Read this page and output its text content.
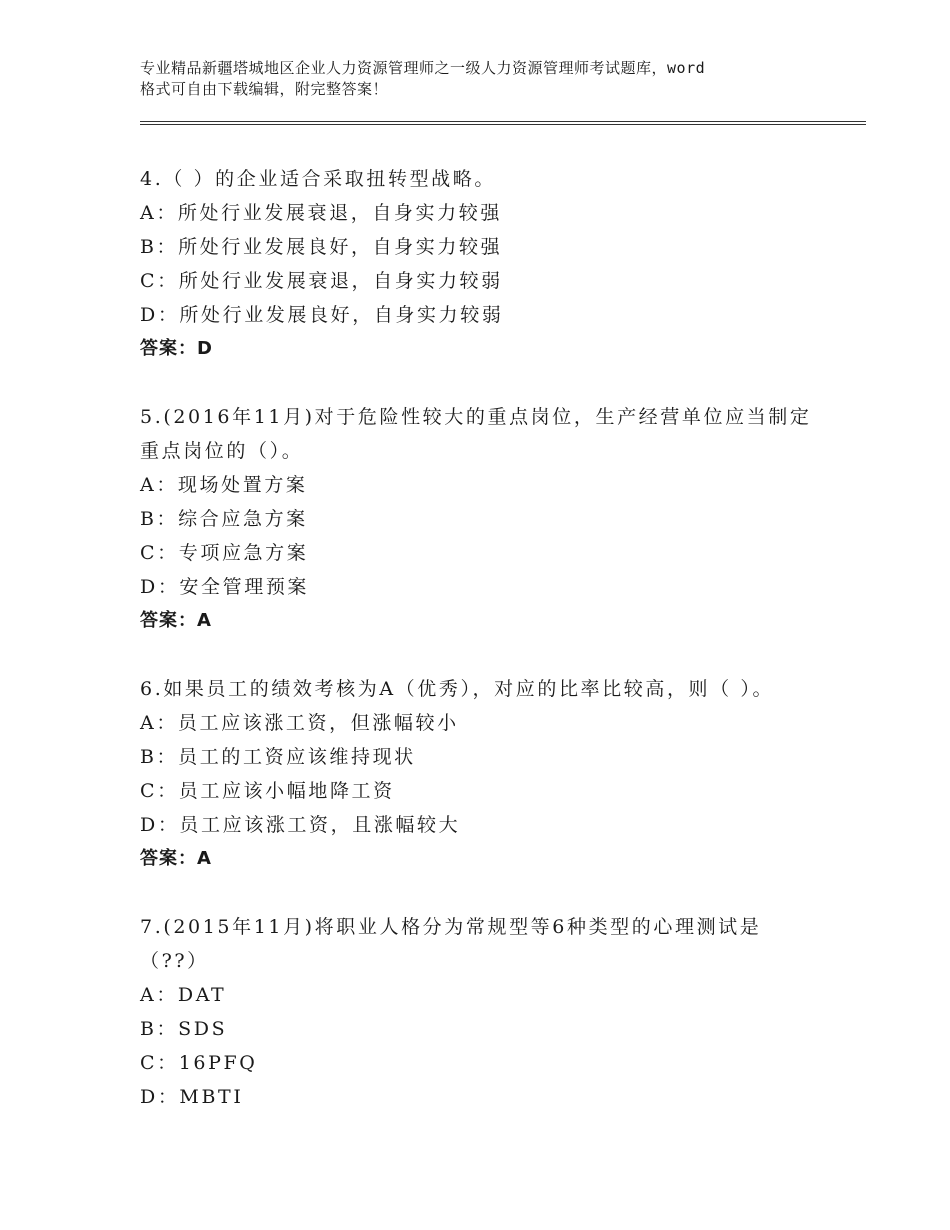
专业精品新疆塔城地区企业人力资源管理师之一级人力资源管理师考试题库，word
格式可自由下载编辑，附完整答案！
4.（ ）的企业适合采取扭转型战略。
A：所处行业发展衰退，自身实力较强
B：所处行业发展良好，自身实力较强
C：所处行业发展衰退，自身实力较弱
D：所处行业发展良好，自身实力较弱
答案：D
5.(2016年11月)对于危险性较大的重点岗位，生产经营单位应当制定
重点岗位的（）。
A：现场处置方案
B：综合应急方案
C：专项应急方案
D：安全管理预案
答案：A
6.如果员工的绩效考核为A（优秀），对应的比率比较高，则（ ）。
A：员工应该涨工资，但涨幅较小
B：员工的工资应该维持现状
C：员工应该小幅地降工资
D：员工应该涨工资，且涨幅较大
答案：A
7.(2015年11月)将职业人格分为常规型等6种类型的心理测试是
（??）
A：DAT
B：SDS
C：16PFQ
D：MBTI
